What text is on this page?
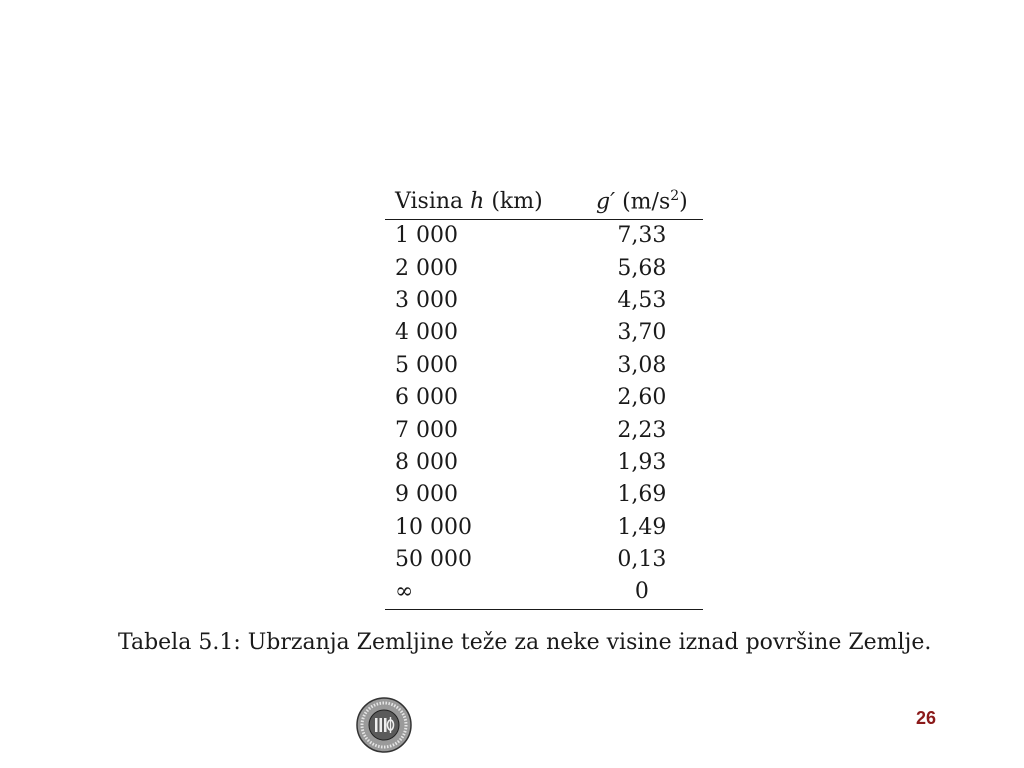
Visina h (km)	g′ $(m/s^2)$
1 000	7,33
2 000	5,68
3 000	4,53
4 000	3,70
5 000	3,08
6 000	2,60
7 000	2,23
8 000	1,93
9 000	1,69
10 000	1,49
50 000	0,13
∞	0
Tabela 5.1: Ubrzanja Zemljine teže za neke visine iznad površine Zemlje.
26
